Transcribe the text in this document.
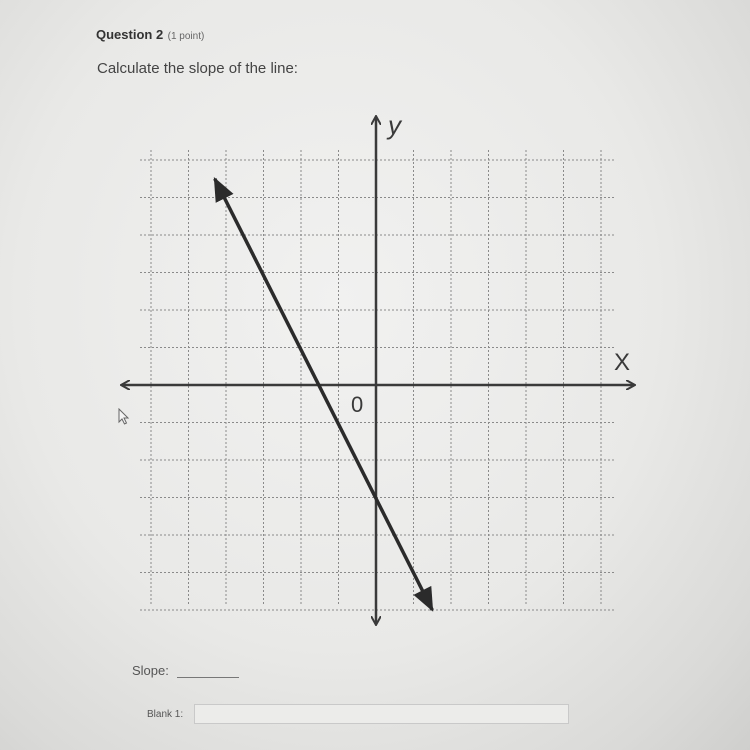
Question 2 (1 point)
Calculate the slope of the line:
y
X
0
Slope:
Blank 1:
